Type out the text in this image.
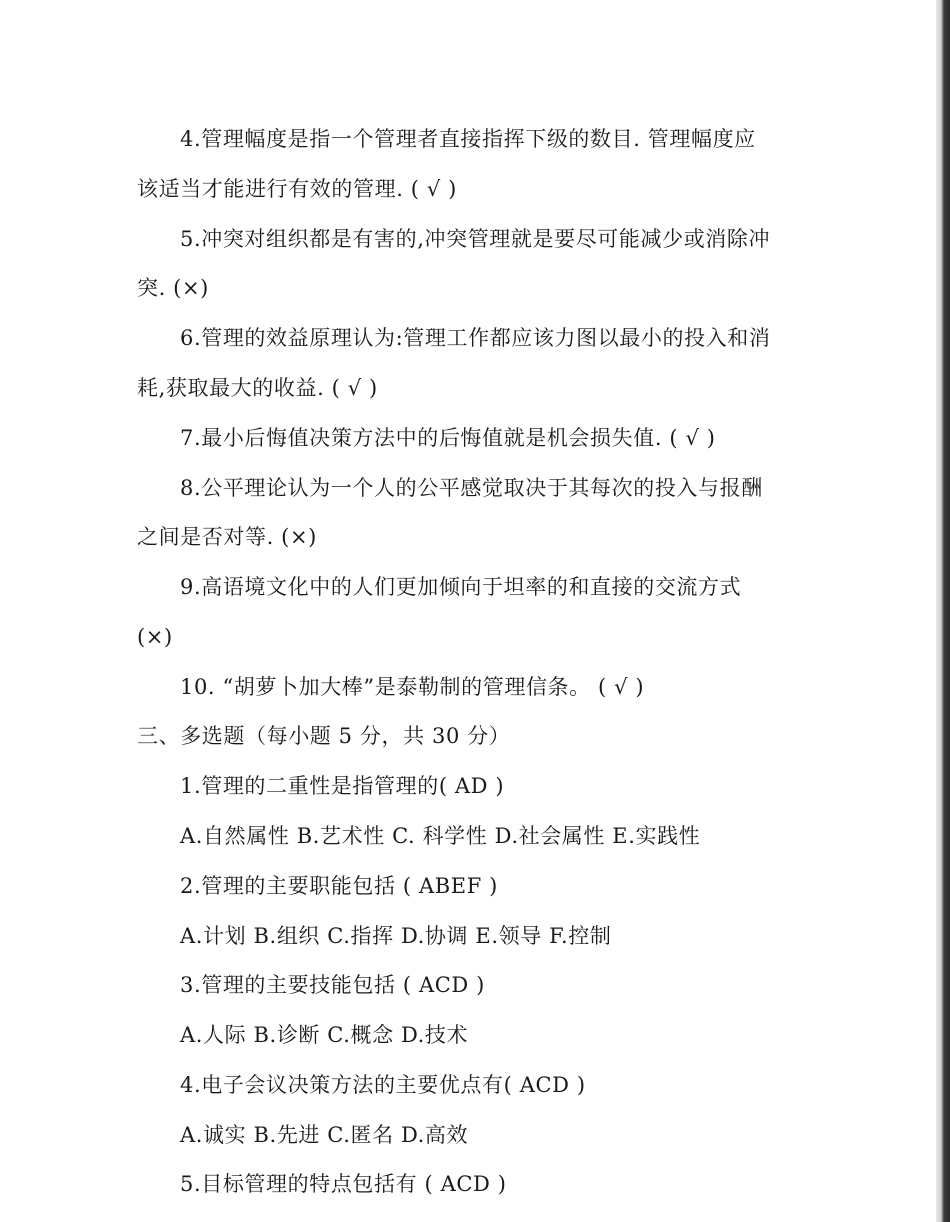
4.管理幅度是指一个管理者直接指挥下级的数目. 管理幅度应
该适当才能进行有效的管理. ( √ )
5.冲突对组织都是有害的,冲突管理就是要尽可能减少或消除冲
突. (×)
6.管理的效益原理认为:管理工作都应该力图以最小的投入和消
耗,获取最大的收益. ( √ )
7.最小后悔值决策方法中的后悔值就是机会损失值. ( √ )
8.公平理论认为一个人的公平感觉取决于其每次的投入与报酬
之间是否对等. (×)
9.高语境文化中的人们更加倾向于坦率的和直接的交流方式
(×)
10. “胡萝卜加大棒”是泰勒制的管理信条。 ( √ )
三、多选题（每小题 5 分，共 30 分）
1.管理的二重性是指管理的( AD )
A.自然属性 B.艺术性 C. 科学性 D.社会属性 E.实践性
2.管理的主要职能包括 ( ABEF )
A.计划 B.组织 C.指挥 D.协调 E.领导 F.控制
3.管理的主要技能包括 ( ACD )
A.人际 B.诊断 C.概念 D.技术
4.电子会议决策方法的主要优点有( ACD )
A.诚实 B.先进 C.匿名 D.高效
5.目标管理的特点包括有 ( ACD )
